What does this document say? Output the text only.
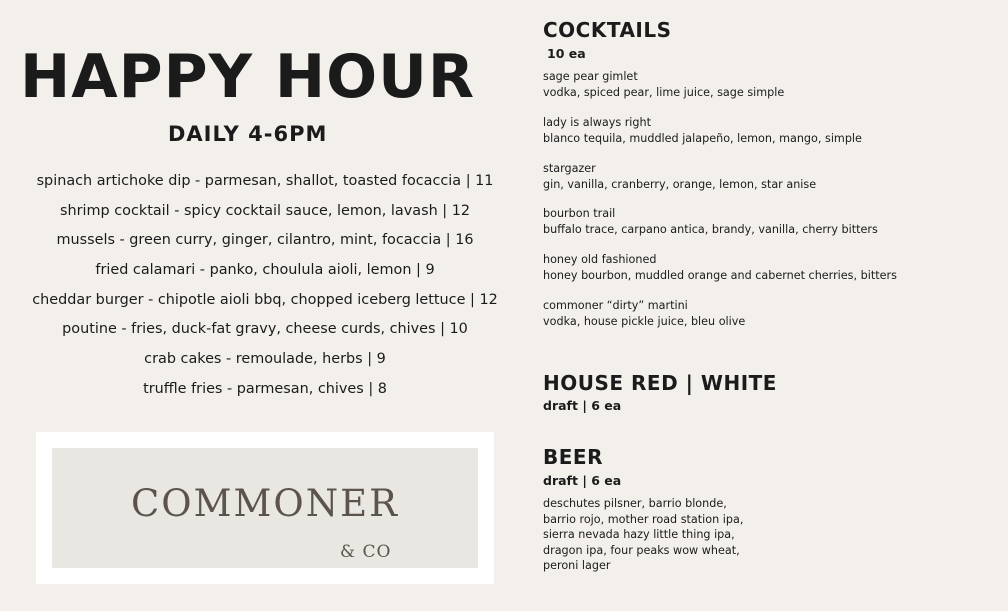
HAPPY HOUR
DAILY 4-6PM
spinach artichoke dip - parmesan, shallot, toasted focaccia | 11
shrimp cocktail - spicy cocktail sauce, lemon, lavash | 12
mussels - green curry, ginger, cilantro, mint, focaccia | 16
fried calamari - panko, choulula aioli, lemon | 9
cheddar burger - chipotle aioli bbq, chopped iceberg lettuce | 12
poutine - fries, duck-fat gravy, cheese curds, chives | 10
crab cakes - remoulade, herbs | 9
truffle fries - parmesan, chives | 8
COMMONER
& CO
COCKTAILS
10 ea
sage pear gimlet
vodka, spiced pear, lime juice, sage simple
lady is always right
blanco tequila, muddled jalapeño, lemon, mango, simple
stargazer
gin, vanilla, cranberry, orange, lemon, star anise
bourbon trail
buffalo trace, carpano antica, brandy, vanilla, cherry bitters
honey old fashioned
honey bourbon, muddled orange and cabernet cherries, bitters
commoner “dirty” martini
vodka, house pickle juice, bleu olive
HOUSE RED | WHITE
draft | 6 ea
BEER
draft | 6 ea
deschutes pilsner, barrio blonde,
barrio rojo, mother road station ipa,
sierra nevada hazy little thing ipa,
dragon ipa, four peaks wow wheat,
peroni lager
